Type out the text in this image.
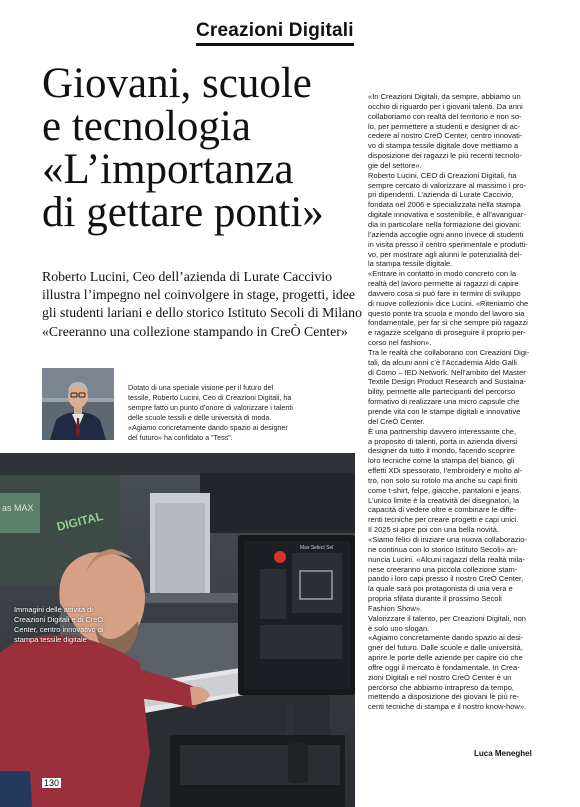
Creazioni Digitali
Giovani, scuole
e tecnologia
«L’importanza
di gettare ponti»
Roberto Lucini, Ceo dell’azienda di Lurate Caccivio
illustra l’impegno nel coinvolgere in stage, progetti, idee
gli studenti lariani e dello storico Istituto Secoli di Milano
«Creeranno una collezione stampando in CreÒ Center»
Dotato di una speciale visione per il futuro del
tessile, Roberto Lucini, Ceo di Creazioni Digitali, ha
sempre fatto un punto d’onore di valorizzare i talenti
delle scuole tessili e delle università di moda.
«Agiamo concretamente dando spazio ai designer
del futuro» ha confidato a “Tess”.
as MAX
DIGITAL
Max Select Sel
Immagini delle attività di
Creazioni Digitali e di CreÒ
Center, centro innovativo di
stampa tessile digitale
130
«In Creazioni Digitali, da sempre, abbiamo un
occhio di riguardo per i giovani talenti. Da anni
collaboriamo con realtà del territorio e non so-
lo, per permettere a studenti e designer di ac-
cedere al nostro CreÒ Center, centro innovati-
vo di stampa tessile digitale dove mettiamo a
disposizione dei ragazzi le più recenti tecnolo-
gie del settore».
Roberto Lucini, CEO di Creazioni Digitali, ha
sempre cercato di valorizzare al massimo i pro-
pri dipendenti. L’azienda di Lurate Caccivio,
fondata nel 2006 e specializzata nella stampa
digitale innovativa e sostenibile, è all’avanguar-
dia in particolare nella formazione dei giovani:
l’azienda accoglie ogni anno invece di studenti
in visita presso il centro sperimentale e produtti-
vo, per mostrare agli alunni le potenzialità del-
la stampa tessile digitale.
«Entrare in contatto in modo concreto con la
realtà del lavoro permette ai ragazzi di capire
davvero cosa si può fare in termini di sviluppo
di nuove collezioni» dice Lucini. «Riteniamo che
questo ponte tra scuola e mondo del lavoro sia
fondamentale, per far sì che sempre più ragazzi
e ragazze scelgano di proseguire il proprio per-
corso nel fashion».
Tra le realtà che collaborano con Creazioni Digi-
tali, da alcuni anni c’è l’Accademia Aldo Galli
di Como – IED Network. Nell’ambito del Master
Textile Design Product Research and Sustaina-
bility, permette alle partecipanti del percorso
formativo di realizzare una micro capsule che
prende vita con le stampe digitali e innovative
del CreÒ Center.
È una partnership davvero interessante che,
a proposito di talenti, porta in azienda diversi
designer da tutto il mondo, facendo scoprire
loro tecniche come la stampa del bianco, gli
effetti XDi spessorato, l’embroidery e molto al-
tro, non solo su rotolo ma anche su capi finiti
come t-shirt, felpe, giacche, pantaloni e jeans.
L’unico limite è la creatività dei disegnatori, la
capacità di vedere oltre e combinare le diffe-
renti tecniche per creare progetti e capi unici.
Il 2025 si apre poi con una bella novità.
«Siamo felici di iniziare una nuova collaborazio-
ne continua con lo storico Istituto Secoli» an-
nuncia Lucini. «Alcuni ragazzi della realtà mila-
nese creeranno una piccola collezione stam-
pando i loro capi presso il nostro CreÒ Center,
la quale sarà poi protagonista di una vera e
propria sfilata durante il prossimo Secoli
Fashion Show».
Valorizzare il talento, per Creazioni Digitali, non
è solo uno slogan.
«Agiamo concretamente dando spazio ai desi-
gner del futuro. Dalle scuole e dalle università,
aprire le porte delle aziende per capire ciò che
offre oggi il mercato è fondamentale. In Crea-
zioni Digitali e nel nostro CreÒ Center è un
percorso che abbiamo intrapreso da tempo,
mettendo a disposizione dei giovani le più re-
centi tecniche di stampa e il nostro know-how».
Luca Meneghel
